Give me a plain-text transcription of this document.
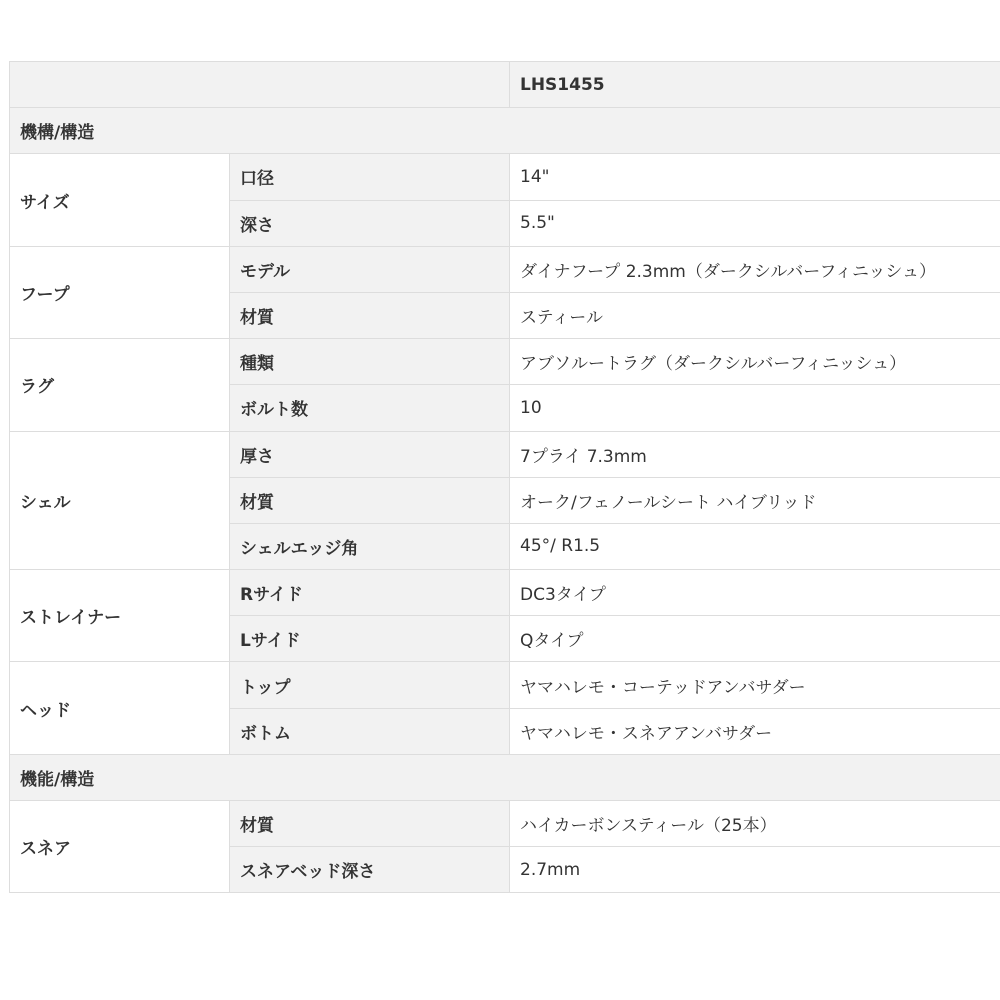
		LHS1455
機構/構造		
サイズ	口径	14"
	深さ	5.5"
フープ	モデル	ダイナフープ 2.3mm（ダークシルバーフィニッシュ）
	材質	スティール
ラグ	種類	アブソルートラグ（ダークシルバーフィニッシュ）
	ボルト数	10
シェル	厚さ	7プライ 7.3mm
	材質	オーク/フェノールシート ハイブリッド
	シェルエッジ角	45°/ R1.5
ストレイナー	Rサイド	DC3タイプ
	Lサイド	Qタイプ
ヘッド	トップ	ヤマハレモ・コーテッドアンバサダー
	ボトム	ヤマハレモ・スネアアンバサダー
機能/構造		
スネア	材質	ハイカーボンスティール（25本）
	スネアベッド深さ	2.7mm
